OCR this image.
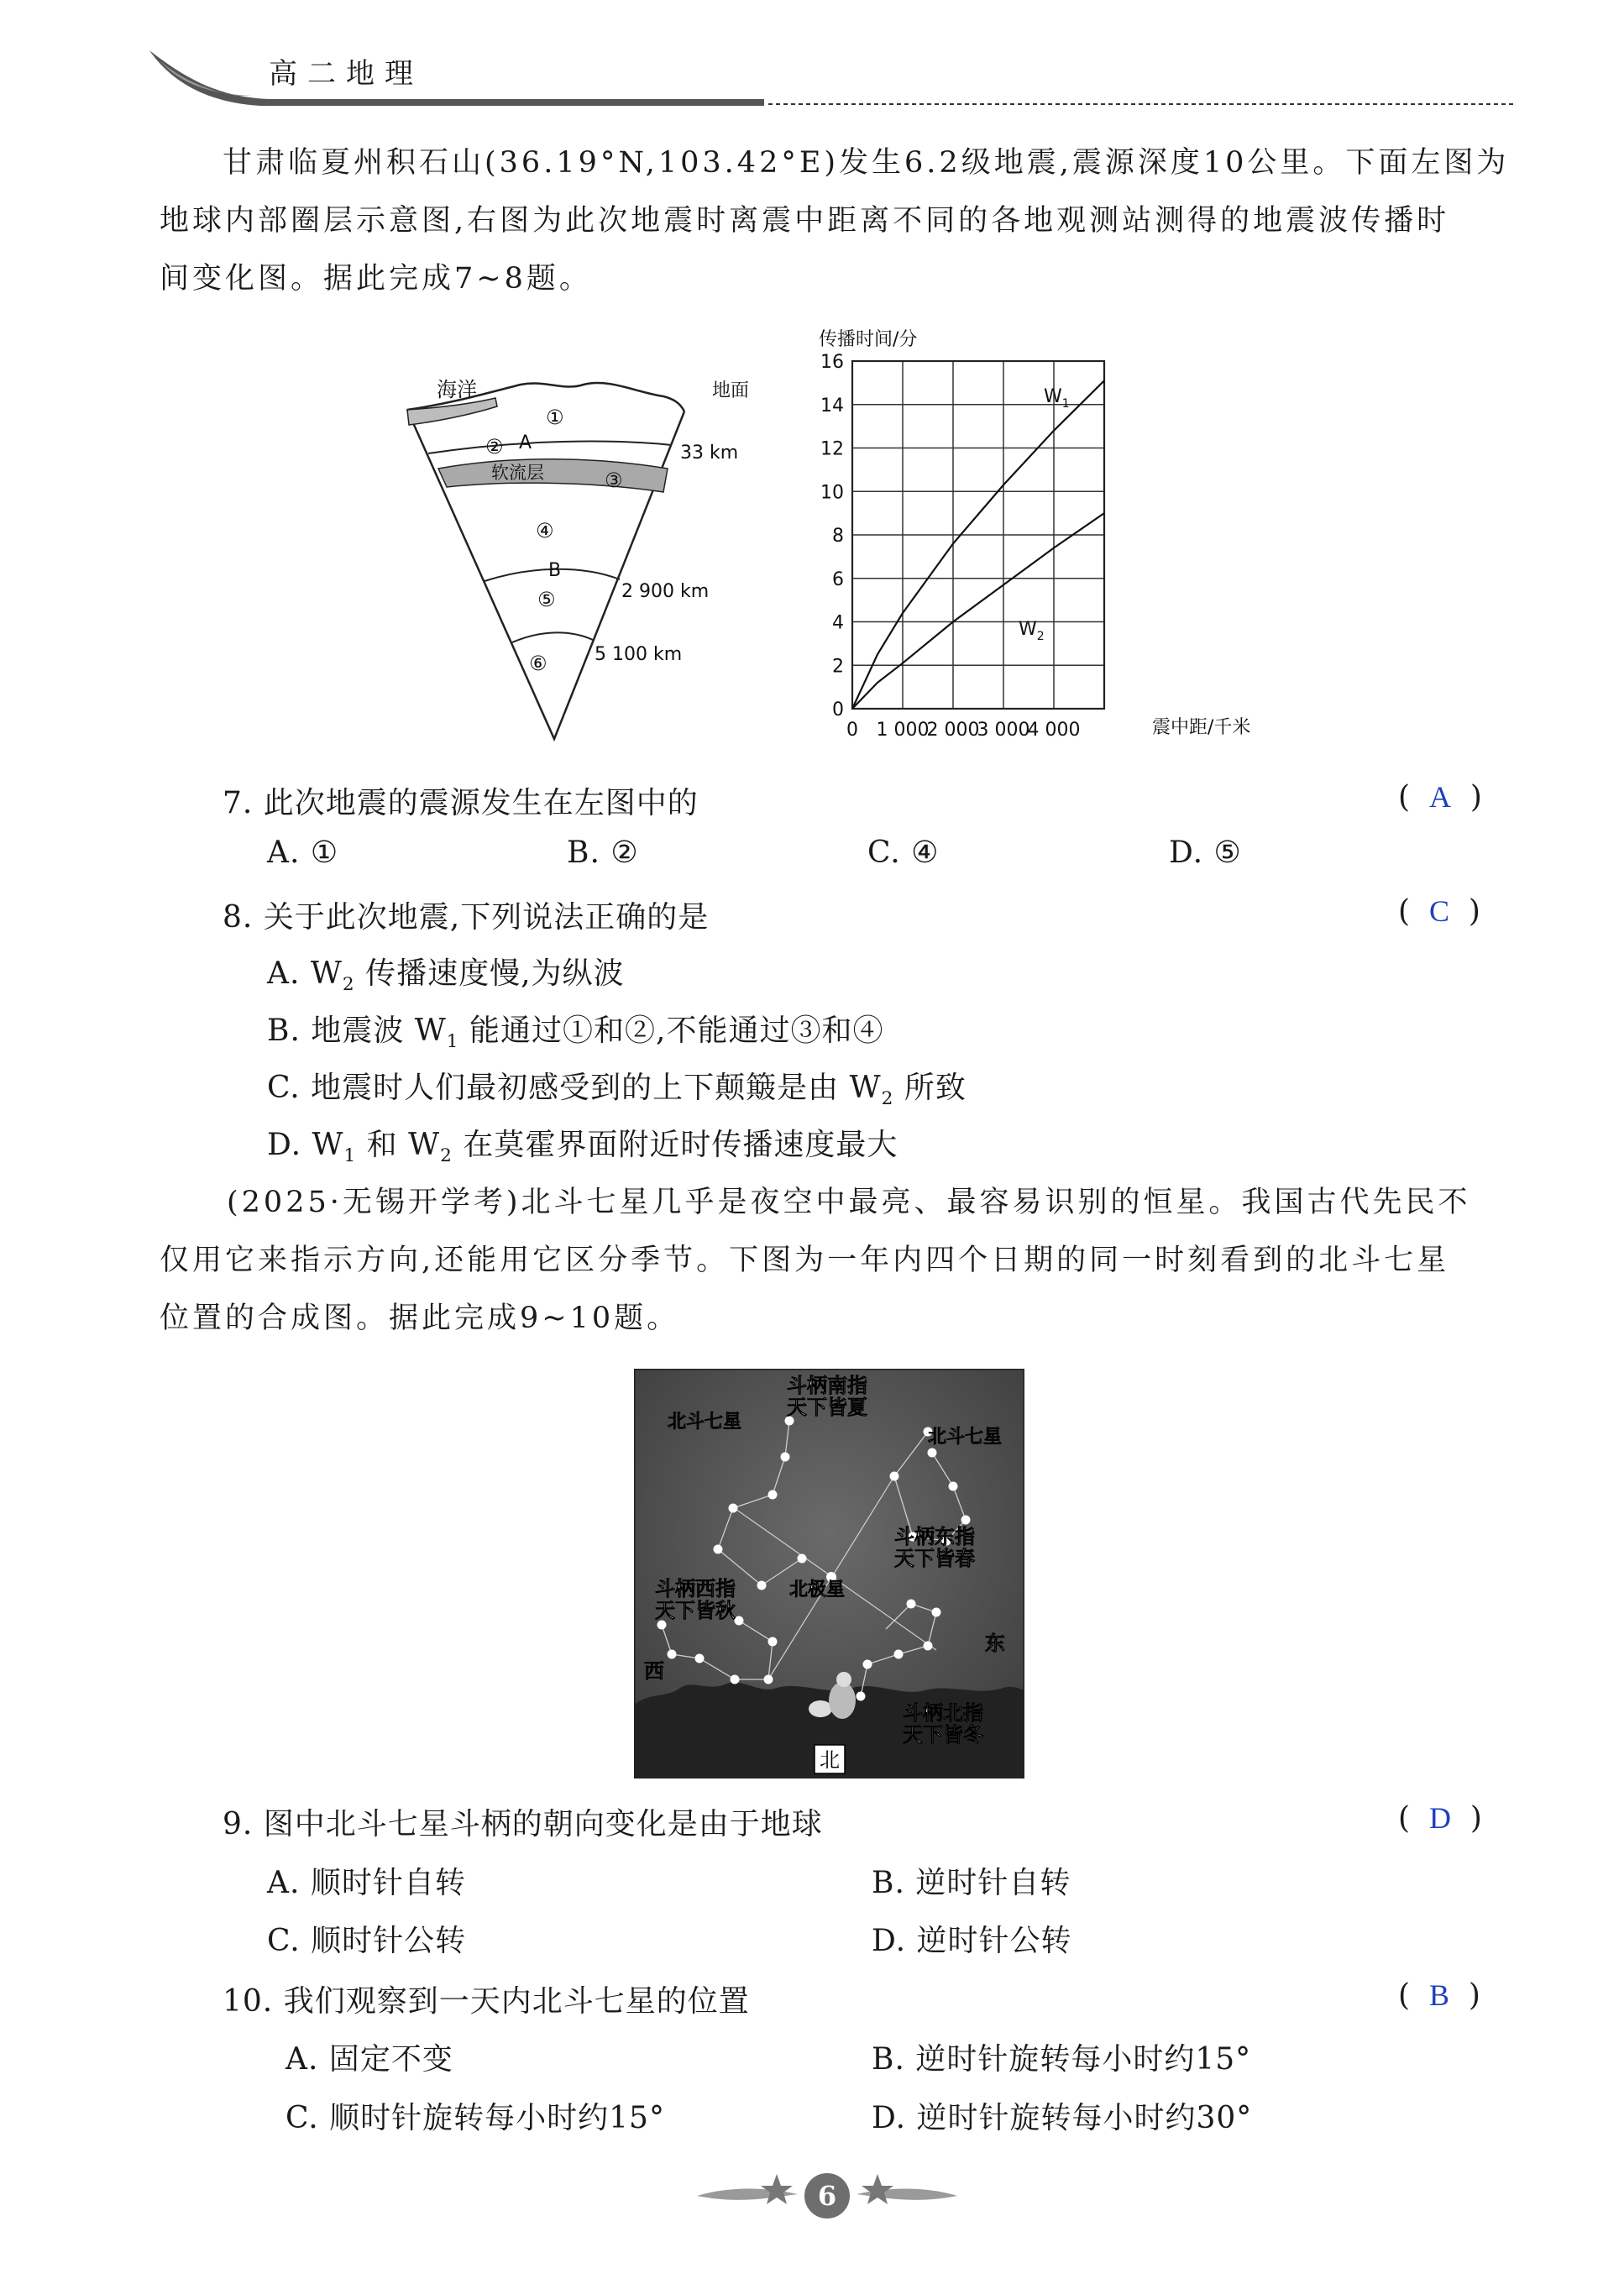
高二地理
甘肃临夏州积石山(36.19°N,103.42°E)发生6.2级地震,震源深度10公里。下面左图为
地球内部圈层示意图,右图为此次地震时离震中距离不同的各地观测站测得的地震波传播时
间变化图。据此完成7~8题。
海洋	地面
①
② A
软流层	③
33 km
④
B
⑤	2 900 km
⑥	5 100 km
0
2
4
6
8
10
12
14
16
0 1 000
2 000
3 000
4 000
$W_1$
$W_2$
传播时间/分
震中距/千米
7. 此次地震的震源发生在左图中的	(  A  )
A. ①	B. ②	C. ④	D. ⑤
8. 关于此次地震,下列说法正确的是	(  C  )
A. $W_2$ 传播速度慢,为纵波
B. 地震波 $W_1$ 能通过①和②,不能通过③和④
C. 地震时人们最初感受到的上下颠簸是由 $W_2$ 所致
D. $W_1$ 和 $W_2$ 在莫霍界面附近时传播速度最大
(2025·无锡开学考)北斗七星几乎是夜空中最亮、最容易识别的恒星。我国古代先民不
仅用它来指示方向,还能用它区分季节。下图为一年内四个日期的同一时刻看到的北斗七星
位置的合成图。据此完成9~10题。
斗柄南指
天下皆夏
北斗七星
北斗七星
斗柄东指
天下皆春
斗柄西指
天下皆秋
北极星
东
西
斗柄北指
天下皆冬
北
9. 图中北斗七星斗柄的朝向变化是由于地球	(  D  )
A. 顺时针自转	B. 逆时针自转
C. 顺时针公转	D. 逆时针公转
10. 我们观察到一天内北斗七星的位置	(  B  )
A. 固定不变	B. 逆时针旋转每小时约15°
C. 顺时针旋转每小时约15°	D. 逆时针旋转每小时约30°
6
